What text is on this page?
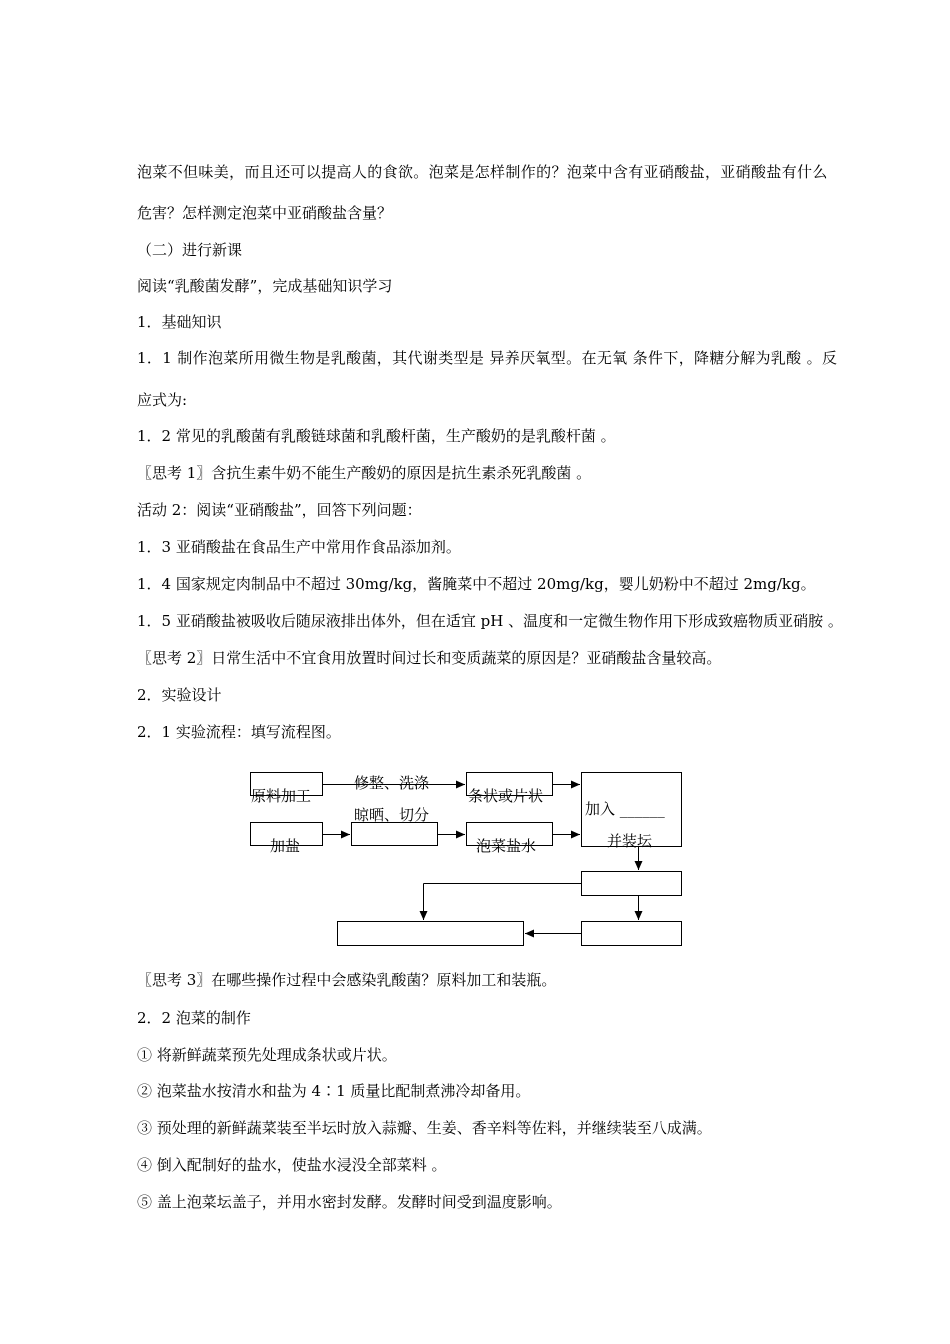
泡菜不但味美，而且还可以提高人的食欲。泡菜是怎样制作的？泡菜中含有亚硝酸盐，亚硝酸盐有什么
危害？怎样测定泡菜中亚硝酸盐含量？
（二）进行新课
阅读“乳酸菌发酵”，完成基础知识学习
1．基础知识
1．1 制作泡菜所用微生物是乳酸菌，其代谢类型是 异养厌氧型。在无氧 条件下，降糖分解为乳酸 。反
应式为:
1．2 常见的乳酸菌有乳酸链球菌和乳酸杆菌，生产酸奶的是乳酸杆菌 。
〖思考 1〗含抗生素牛奶不能生产酸奶的原因是抗生素杀死乳酸菌 。
活动 2：阅读“亚硝酸盐”，回答下列问题：
1．3 亚硝酸盐在食品生产中常用作食品添加剂。
1．4 国家规定肉制品中不超过 30mg/kg，酱腌菜中不超过 20mg/kg，婴儿奶粉中不超过 2mg/kg。
1．5 亚硝酸盐被吸收后随尿液排出体外，但在适宜 pH 、温度和一定微生物作用下形成致癌物质亚硝胺 。
〖思考 2〗日常生活中不宜食用放置时间过长和变质蔬菜的原因是？亚硝酸盐含量较高。
2．实验设计
2．1 实验流程：填写流程图。
原料加工
修整、洗涤
晾晒、切分
条状或片状
加入 ______
并装坛
加盐	泡菜盐水
〖思考 3〗在哪些操作过程中会感染乳酸菌？原料加工和装瓶。
2．2 泡菜的制作
① 将新鲜蔬菜预先处理成条状或片状。
② 泡菜盐水按清水和盐为 4∶1 质量比配制煮沸冷却备用。
③ 预处理的新鲜蔬菜装至半坛时放入蒜瓣、生姜、香辛料等佐料，并继续装至八成满。
④ 倒入配制好的盐水，使盐水浸没全部菜料 。
⑤ 盖上泡菜坛盖子，并用水密封发酵。发酵时间受到温度影响。
